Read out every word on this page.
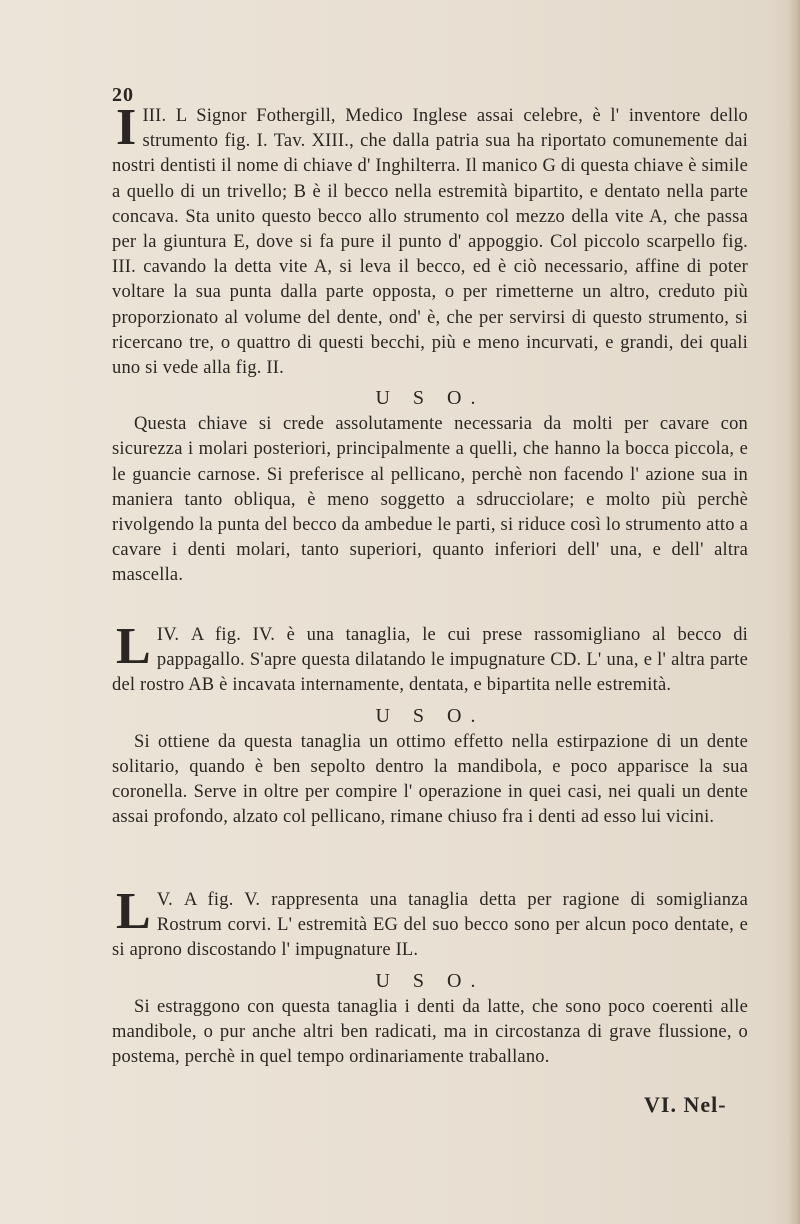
20

III.
I L Signor Fothergill, Medico Inglese assai celebre, è l' inventore dello strumento fig. I. Tav. XIII., che dalla patria sua ha riportato comunemente dai nostri dentisti il nome di chiave d' Inghilterra. Il manico G di questa chiave è simile a quello di un trivello; B è il becco nella estremità bipartito, e dentato nella parte concava. Sta unito questo becco allo strumento col mezzo della vite A, che passa per la giuntura E, dove si fa pure il punto d' appoggio. Col piccolo scarpello fig. III. cavando la detta vite A, si leva il becco, ed è ciò necessario, affine di poter voltare la sua punta dalla parte opposta, o per rimetterne un altro, creduto più proporzionato al volume del dente, ond' è, che per servirsi di questo strumento, si ricercano tre, o quattro di questi becchi, più e meno incurvati, e grandi, dei quali uno si vede alla fig. II.

U S O.

Questa chiave si crede assolutamente necessaria da molti per cavare con sicurezza i molari posteriori, principalmente a quelli, che hanno la bocca piccola, e le guancie carnose. Si preferisce al pellicano, perchè non facendo l' azione sua in maniera tanto obliqua, è meno soggetto a sdrucciolare; e molto più perchè rivolgendo la punta del becco da ambedue le parti, si riduce così lo strumento atto a cavare i denti molari, tanto superiori, quanto inferiori dell' una, e dell' altra mascella.

IV.
L A fig. IV. è una tanaglia, le cui prese rassomigliano al becco di pappagallo. S'apre questa dilatando le impugnature CD. L' una, e l' altra parte del rostro AB è incavata internamente, dentata, e bipartita nelle estremità.

U S O.

Si ottiene da questa tanaglia un ottimo effetto nella estirpazione di un dente solitario, quando è ben sepolto dentro la mandibola, e poco apparisce la sua coronella. Serve in oltre per compire l' operazione in quei casi, nei quali un dente assai profondo, alzato col pellicano, rimane chiuso fra i denti ad esso lui vicini.

V.
L A fig. V. rappresenta una tanaglia detta per ragione di somiglianza Rostrum corvi. L' estremità EG del suo becco sono per alcun poco dentate, e si aprono discostando l' impugnature IL.

U S O.

Si estraggono con questa tanaglia i denti da latte, che sono poco coerenti alle mandibole, o pur anche altri ben radicati, ma in circostanza di grave flussione, o postema, perchè in quel tempo ordinariamente traballano.

VI. Nel-
